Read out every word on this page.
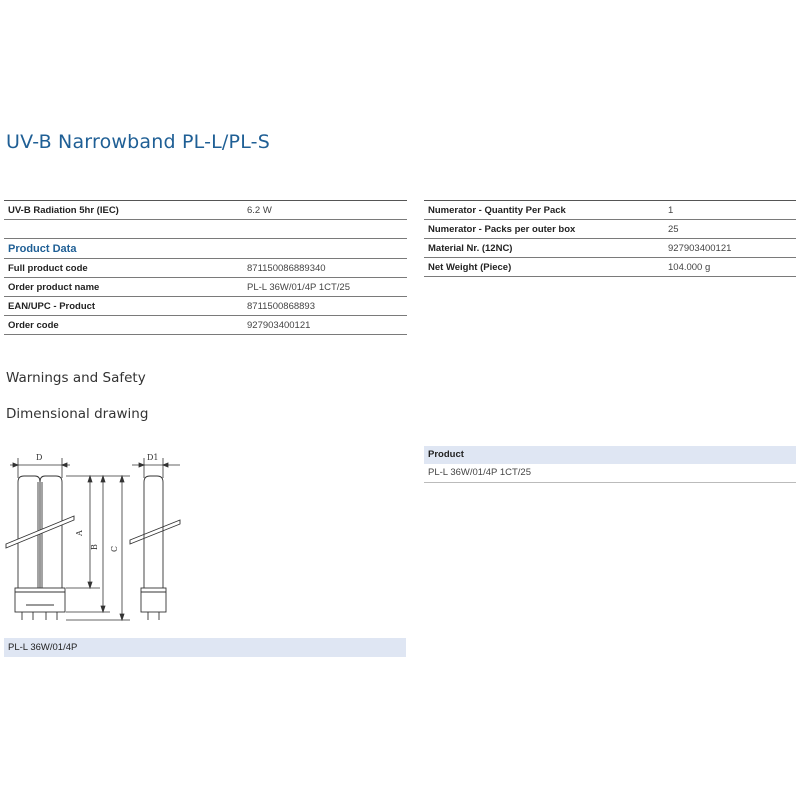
UV-B Narrowband PL-L/PL-S
UV-B Radiation 5hr (IEC)	6.2 W

Product Data	
Full product code	871150086889340
Order product name	PL-L 36W/01/4P 1CT/25
EAN/UPC - Product	8711500868893
Order code	927903400121
Numerator - Quantity Per Pack	1
Numerator - Packs per outer box	25
Material Nr. (12NC)	927903400121
Net Weight (Piece)	104.000 g
Warnings and Safety
Dimensional drawing
D	D1
A
B C
PL-L 36W/01/4P
Product
PL-L 36W/01/4P 1CT/25
